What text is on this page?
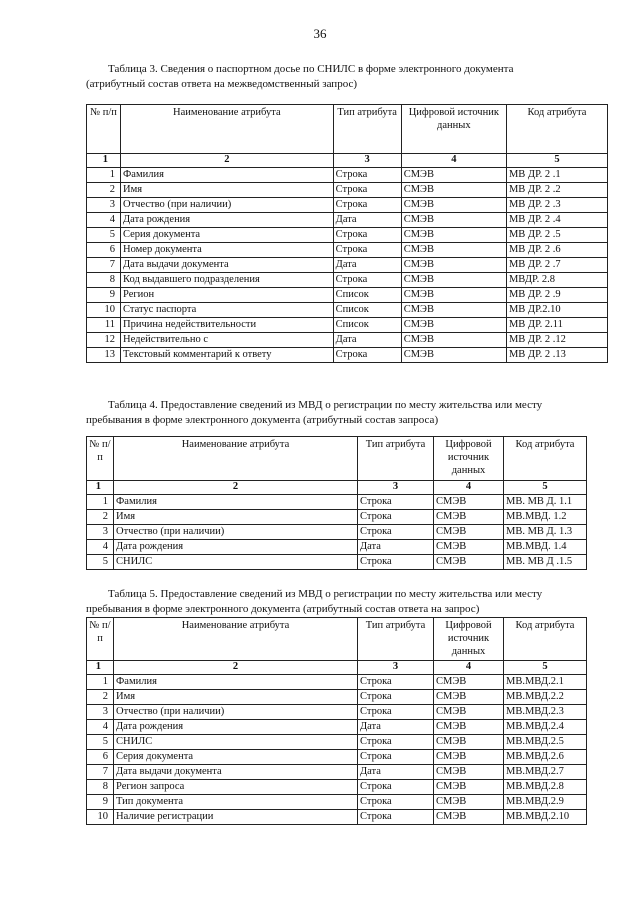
36
Таблица 3. Сведения о паспортном досье по СНИЛС в форме электронного документа
(атрибутный состав ответа на межведомственный запрос)
№ п/п	Наименование атрибута	Тип атрибута	Цифровой источник данных	Код атрибута
1	2	3	4	5
1	Фамилия	Строка	СМЭВ	МВ ДР. 2 .1
2	Имя	Строка	СМЭВ	МВ ДР. 2 .2
3	Отчество (при наличии)	Строка	СМЭВ	МВ ДР. 2 .3
4	Дата рождения	Дата	СМЭВ	МВ ДР. 2 .4
5	Серия документа	Строка	СМЭВ	МВ ДР. 2 .5
6	Номер документа	Строка	СМЭВ	МВ ДР. 2 .6
7	Дата выдачи документа	Дата	СМЭВ	МВ ДР. 2 .7
8	Код выдавшего подразделения	Строка	СМЭВ	МВДР. 2.8
9	Регион	Список	СМЭВ	МВ ДР. 2 .9
10	Статус паспорта	Список	СМЭВ	МВ ДР.2.10
11	Причина недействительности	Список	СМЭВ	МВ ДР. 2.11
12	Недействительно с	Дата	СМЭВ	МВ ДР. 2 .12
13	Текстовый комментарий к ответу	Строка	СМЭВ	МВ ДР. 2 .13
Таблица 4. Предоставление сведений из МВД о регистрации по месту жительства или месту
пребывания в форме электронного документа (атрибутный состав запроса)
№ п/п	Наименование атрибута	Тип атрибута	Цифровой источник данных	Код атрибута
1	2	3	4	5
1	Фамилия	Строка	СМЭВ	МВ. МВ Д. 1.1
2	Имя	Строка	СМЭВ	МВ.МВД. 1.2
3	Отчество (при наличии)	Строка	СМЭВ	МВ. МВ Д. 1.3
4	Дата рождения	Дата	СМЭВ	МВ.МВД. 1.4
5	СНИЛС	Строка	СМЭВ	МВ. МВ Д .1.5
Таблица 5. Предоставление сведений из МВД о регистрации по месту жительства или месту
пребывания в форме электронного документа (атрибутный состав ответа на запрос)
№ п/п	Наименование атрибута	Тип атрибута	Цифровой источник данных	Код атрибута
1	2	3	4	5
1	Фамилия	Строка	СМЭВ	МВ.МВД.2.1
2	Имя	Строка	СМЭВ	МВ.МВД.2.2
3	Отчество (при наличии)	Строка	СМЭВ	МВ.МВД.2.3
4	Дата рождения	Дата	СМЭВ	МВ.МВД.2.4
5	СНИЛС	Строка	СМЭВ	МВ.МВД.2.5
6	Серия документа	Строка	СМЭВ	МВ.МВД.2.6
7	Дата выдачи документа	Дата	СМЭВ	МВ.МВД.2.7
8	Регион запроса	Строка	СМЭВ	МВ.МВД.2.8
9	Тип документа	Строка	СМЭВ	МВ.МВД.2.9
10	Наличие регистрации	Строка	СМЭВ	МВ.МВД.2.10
